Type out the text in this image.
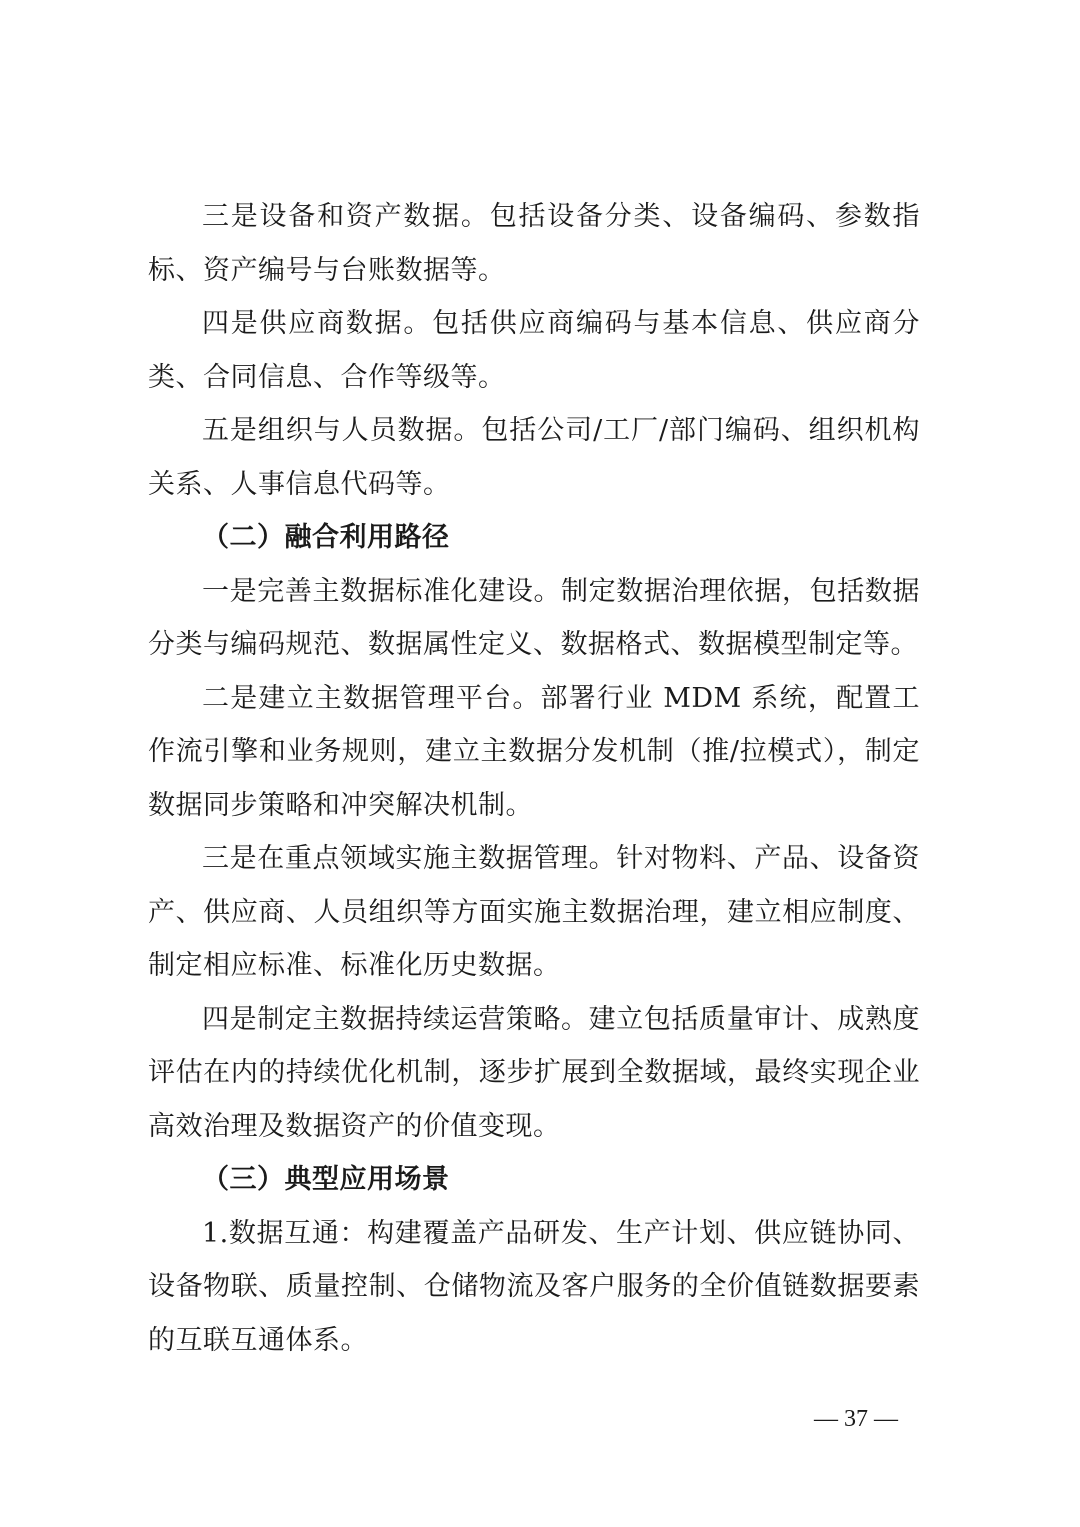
三是设备和资产数据。包括设备分类、设备编码、参数指标、资产编号与台账数据等。

四是供应商数据。包括供应商编码与基本信息、供应商分类、合同信息、合作等级等。

五是组织与人员数据。包括公司/工厂/部门编码、组织机构关系、人事信息代码等。

（二）融合利用路径

一是完善主数据标准化建设。制定数据治理依据，包括数据分类与编码规范、数据属性定义、数据格式、数据模型制定等。

二是建立主数据管理平台。部署行业 MDM 系统，配置工作流引擎和业务规则，建立主数据分发机制（推/拉模式），制定数据同步策略和冲突解决机制。

三是在重点领域实施主数据管理。针对物料、产品、设备资产、供应商、人员组织等方面实施主数据治理，建立相应制度、制定相应标准、标准化历史数据。

四是制定主数据持续运营策略。建立包括质量审计、成熟度评估在内的持续优化机制，逐步扩展到全数据域，最终实现企业高效治理及数据资产的价值变现。

（三）典型应用场景

1.数据互通：构建覆盖产品研发、生产计划、供应链协同、设备物联、质量控制、仓储物流及客户服务的全价值链数据要素的互联互通体系。

— 37 —
